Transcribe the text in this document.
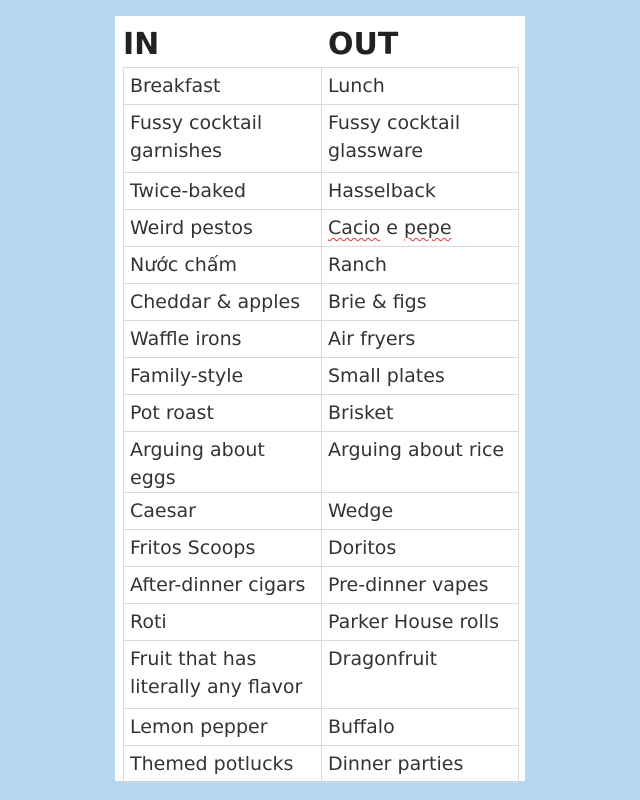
IN	OUT
Breakfast	Lunch
Fussy cocktail garnishes	Fussy cocktail glassware
Twice-baked	Hasselback
Weird pestos	Cacio e pepe
Nước chấm	Ranch
Cheddar & apples	Brie & figs
Waffle irons	Air fryers
Family-style	Small plates
Pot roast	Brisket
Arguing about eggs	Arguing about rice
Caesar	Wedge
Fritos Scoops	Doritos
After-dinner cigars	Pre-dinner vapes
Roti	Parker House rolls
Fruit that has literally any flavor	Dragonfruit
Lemon pepper	Buffalo
Themed potlucks	Dinner parties
